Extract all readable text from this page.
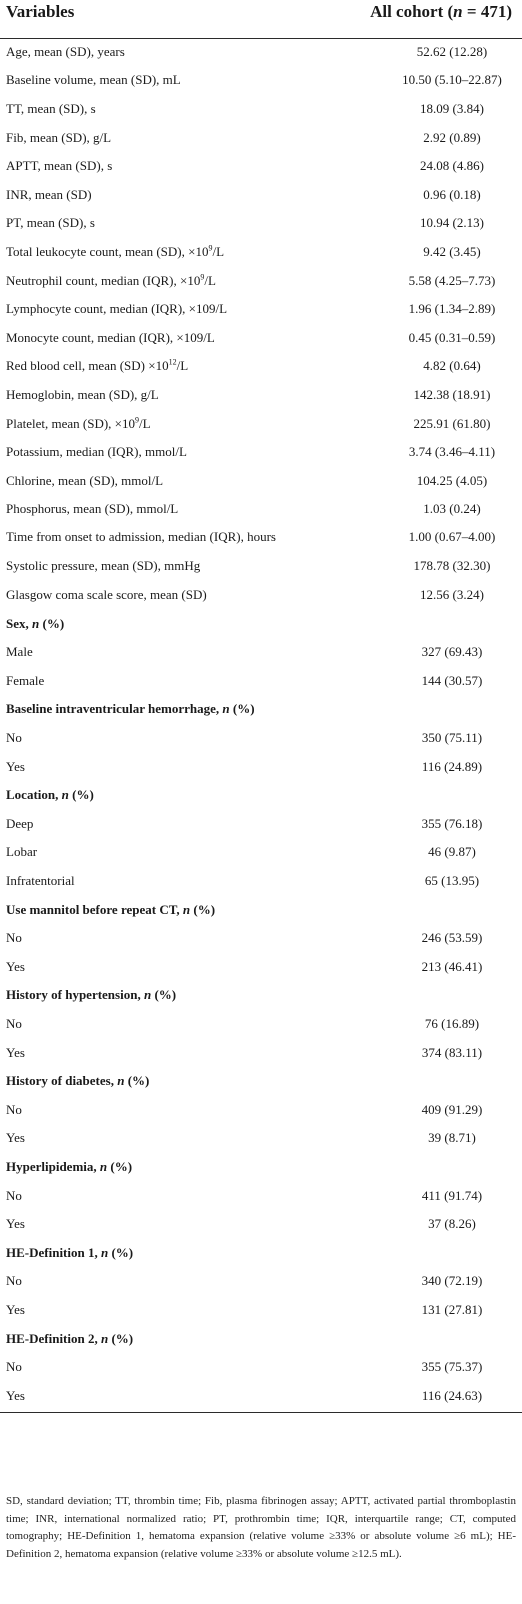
Variables	All cohort (n = 471)
Age, mean (SD), years	52.62 (12.28)
Baseline volume, mean (SD), mL	10.50 (5.10–22.87)
TT, mean (SD), s	18.09 (3.84)
Fib, mean (SD), g/L	2.92 (0.89)
APTT, mean (SD), s	24.08 (4.86)
INR, mean (SD)	0.96 (0.18)
PT, mean (SD), s	10.94 (2.13)
Total leukocyte count, mean (SD), $\times 10^9/L$	9.42 (3.45)
Neutrophil count, median (IQR), $\times 10^9/L$	5.58 (4.25–7.73)
Lymphocyte count, median (IQR), ×109/L	1.96 (1.34–2.89)
Monocyte count, median (IQR), ×109/L	0.45 (0.31–0.59)
Red blood cell, mean $(SD) \times 10^{12}/L$	4.82 (0.64)
Hemoglobin, mean (SD), g/L	142.38 (18.91)
Platelet, mean (SD), $\times 10^9/L$	225.91 (61.80)
Potassium, median (IQR), mmol/L	3.74 (3.46–4.11)
Chlorine, mean (SD), mmol/L	104.25 (4.05)
Phosphorus, mean (SD), mmol/L	1.03 (0.24)
Time from onset to admission, median (IQR), hours	1.00 (0.67–4.00)
Systolic pressure, mean (SD), mmHg	178.78 (32.30)
Glasgow coma scale score, mean (SD)	12.56 (3.24)
Sex, n (%)
Male	327 (69.43)
Female	144 (30.57)
Baseline intraventricular hemorrhage, n (%)
No	350 (75.11)
Yes	116 (24.89)
Location, n (%)
Deep	355 (76.18)
Lobar	46 (9.87)
Infratentorial	65 (13.95)
Use mannitol before repeat CT, n (%)
No	246 (53.59)
Yes	213 (46.41)
History of hypertension, n (%)
No	76 (16.89)
Yes	374 (83.11)
History of diabetes, n (%)
No	409 (91.29)
Yes	39 (8.71)
Hyperlipidemia, n (%)
No	411 (91.74)
Yes	37 (8.26)
HE-Definition 1, n (%)
No	340 (72.19)
Yes	131 (27.81)
HE-Definition 2, n (%)
No	355 (75.37)
Yes	116 (24.63)
SD, standard deviation; TT, thrombin time; Fib, plasma fibrinogen assay; APTT, activated partial thromboplastin time; INR, international normalized ratio; PT, prothrombin time; IQR, interquartile range; CT, computed tomography; HE-Definition 1, hematoma expansion (relative volume ≥33% or absolute volume ≥6 mL); HE-Definition 2, hematoma expansion (relative volume ≥33% or absolute volume ≥12.5 mL).
